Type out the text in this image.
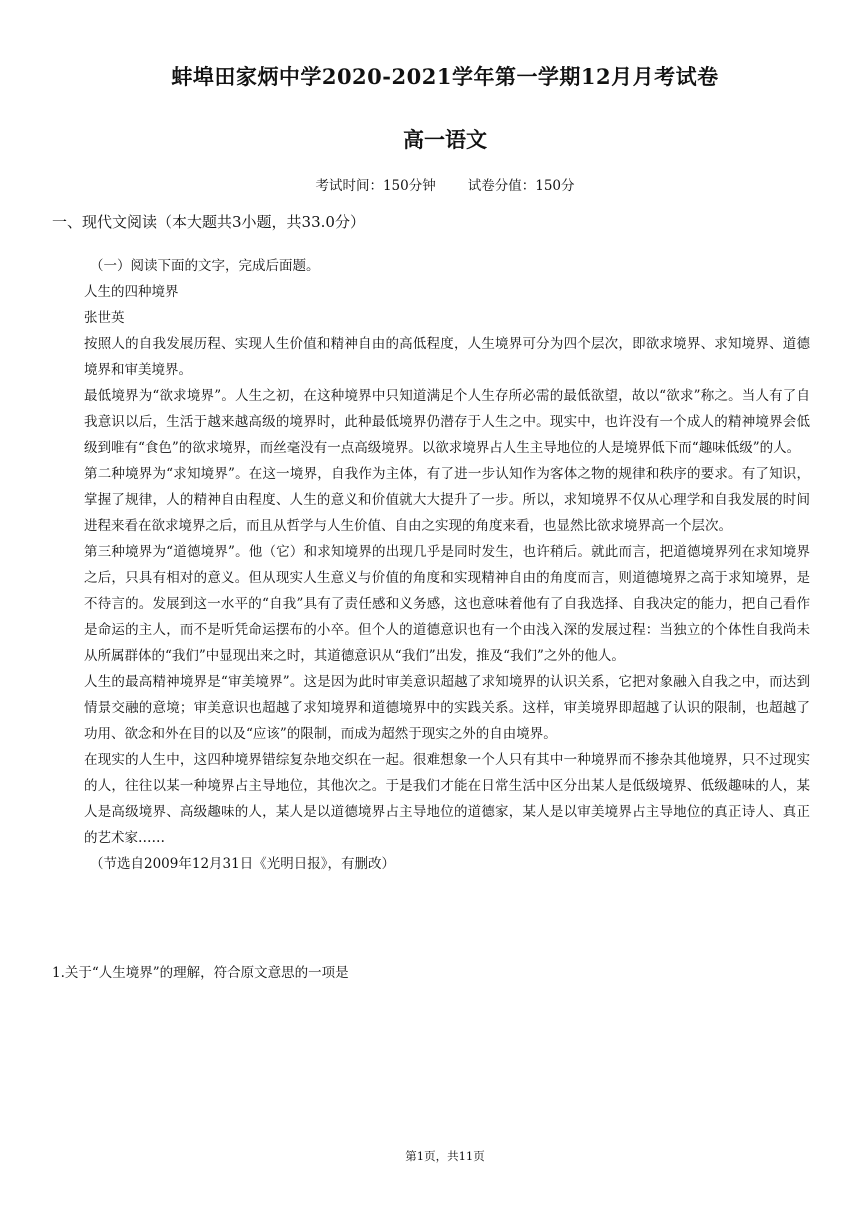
蚌埠田家炳中学2020-2021学年第一学期12月月考试卷
高一语文
考试时间：150分钟 试卷分值：150分
一、现代文阅读（本大题共3小题，共33.0分）

（一）阅读下面的文字，完成后面题。

人生的四种境界

张世英

按照人的自我发展历程、实现人生价值和精神自由的高低程度，人生境界可分为四个层次，即欲求境界、求知境界、道德境界和审美境界。

最低境界为“欲求境界”。人生之初，在这种境界中只知道满足个人生存所必需的最低欲望，故以“欲求”称之。当人有了自我意识以后，生活于越来越高级的境界时，此种最低境界仍潜存于人生之中。现实中，也许没有一个成人的精神境界会低级到唯有“食色”的欲求境界，而丝毫没有一点高级境界。以欲求境界占人生主导地位的人是境界低下而“趣味低级”的人。

第二种境界为“求知境界”。在这一境界，自我作为主体，有了进一步认知作为客体之物的规律和秩序的要求。有了知识，掌握了规律，人的精神自由程度、人生的意义和价值就大大提升了一步。所以，求知境界不仅从心理学和自我发展的时间进程来看在欲求境界之后，而且从哲学与人生价值、自由之实现的角度来看，也显然比欲求境界高一个层次。

第三种境界为“道德境界”。他（它）和求知境界的出现几乎是同时发生，也许稍后。就此而言，把道德境界列在求知境界之后，只具有相对的意义。但从现实人生意义与价值的角度和实现精神自由的角度而言，则道德境界之高于求知境界，是不待言的。发展到这一水平的“自我”具有了责任感和义务感，这也意味着他有了自我选择、自我决定的能力，把自己看作是命运的主人，而不是听凭命运摆布的小卒。但个人的道德意识也有一个由浅入深的发展过程：当独立的个体性自我尚未从所属群体的“我们”中显现出来之时，其道德意识从“我们”出发，推及“我们”之外的他人。

人生的最高精神境界是“审美境界”。这是因为此时审美意识超越了求知境界的认识关系，它把对象融入自我之中，而达到情景交融的意境；审美意识也超越了求知境界和道德境界中的实践关系。这样，审美境界即超越了认识的限制，也超越了功用、欲念和外在目的以及“应该”的限制，而成为超然于现实之外的自由境界。

在现实的人生中，这四种境界错综复杂地交织在一起。很难想象一个人只有其中一种境界而不掺杂其他境界，只不过现实的人，往往以某一种境界占主导地位，其他次之。于是我们才能在日常生活中区分出某人是低级境界、低级趣味的人，某人是高级境界、高级趣味的人，某人是以道德境界占主导地位的道德家，某人是以审美境界占主导地位的真正诗人、真正的艺术家……

（节选自2009年12月31日《光明日报》，有删改）

1.关于“人生境界”的理解，符合原文意思的一项是
第1页，共11页
